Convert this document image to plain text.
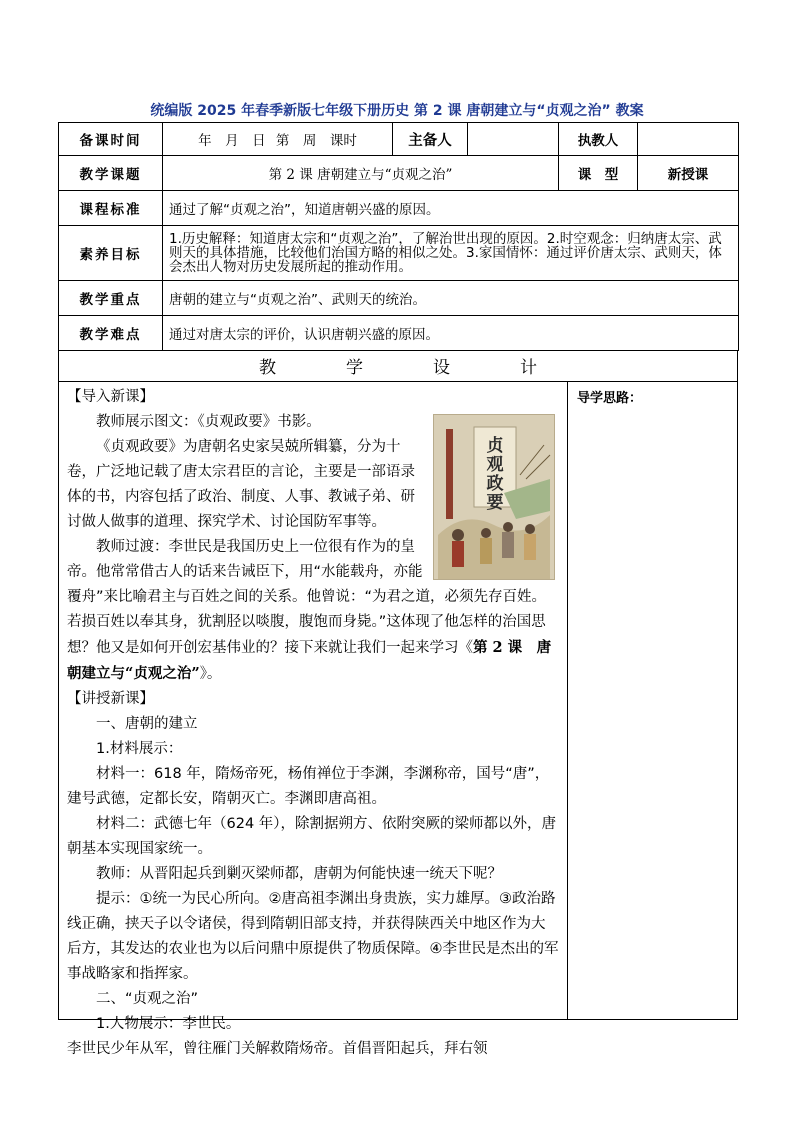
统编版 2025 年春季新版七年级下册历史 第 2 课 唐朝建立与“贞观之治” 教案
备课时间	年　月　日 第　周　课时	主备人		执教人	
教学课题	第 2 课 唐朝建立与“贞观之治”			课　型	新授课
课程标准	通过了解“贞观之治”，知道唐朝兴盛的原因。				
素养目标	1.历史解释：知道唐太宗和“贞观之治”，了解治世出现的原因。2.时空观念：归纳唐太宗、武则天的具体措施，比较他们治国方略的相似之处。3.家国情怀：通过评价唐太宗、武则天，体会杰出人物对历史发展所起的推动作用。				
教学重点	唐朝的建立与“贞观之治”、武则天的统治。				
教学难点	通过对唐太宗的评价，认识唐朝兴盛的原因。				
教	学	设	计
导学思路：

【导入新课】

贞观政要

教师展示图文：《贞观政要》书影。

《贞观政要》为唐朝名史家吴兢所辑纂，分为十卷，广泛地记载了唐太宗君臣的言论，主要是一部语录体的书，内容包括了政治、制度、人事、教诫子弟、研讨做人做事的道理、探究学术、讨论国防军事等。

教师过渡：李世民是我国历史上一位很有作为的皇帝。他常常借古人的话来告诫臣下，用“水能载舟，亦能覆舟”来比喻君主与百姓之间的关系。他曾说：“为君之道，必须先存百姓。若损百姓以奉其身，犹割胫以啖腹，腹饱而身毙。”这体现了他怎样的治国思想？他又是如何开创宏基伟业的？接下来就让我们一起来学习《第 2 课　唐朝建立与“贞观之治”》。

【讲授新课】

一、唐朝的建立

1.材料展示：

材料一：618 年，隋炀帝死，杨侑禅位于李渊，李渊称帝，国号“唐”，建号武德，定都长安，隋朝灭亡。李渊即唐高祖。

材料二：武德七年（624 年），除割据朔方、依附突厥的梁师都以外，唐朝基本实现国家统一。

教师：从晋阳起兵到剿灭梁师都，唐朝为何能快速一统天下呢？

提示：①统一为民心所向。②唐高祖李渊出身贵族，实力雄厚。③政治路线正确，挟天子以令诸侯，得到隋朝旧部支持，并获得陕西关中地区作为大后方，其发达的农业也为以后问鼎中原提供了物质保障。④李世民是杰出的军事战略家和指挥家。

二、“贞观之治”

1.人物展示：李世民。

李世民少年从军，曾往雁门关解救隋炀帝。首倡晋阳起兵，拜右领
